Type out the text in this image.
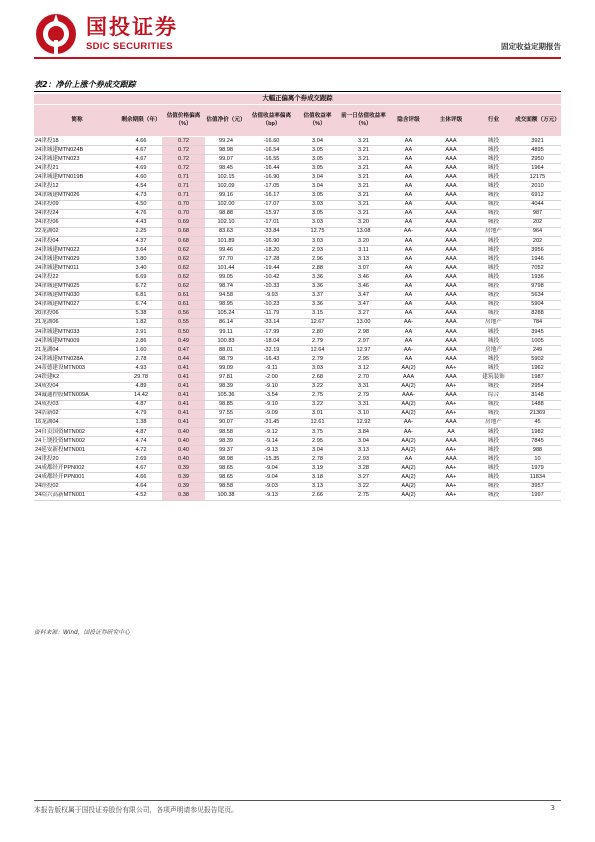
国投证券
SDIC SECURITIES	固定收益定期报告
表2：净价上涨个券成交跟踪
大幅正偏离个券成交跟踪										
简称	剩余期限（年）	估值价格偏离（%）	估值净价（元）	估值收益率偏离（bp）	估值收益率（%）	前一日估值收益率（%）	隐含评级	主体评级	行业	成交面额（万元）
24津投18	4.66	0.72	99.24	-16.60	3.04	3.21	AA	AAA	城投	3921
24津城建MTN024B	4.67	0.72	98.98	-16.54	3.05	3.21	AA	AAA	城投	4895
24津城建MTN023	4.67	0.72	99.07	-16.55	3.05	3.21	AA	AAA	城投	2950
24津投21	4.69	0.72	98.45	-16.44	3.05	3.21	AA	AAA	城投	1964
24津城建MTN019B	4.60	0.71	102.15	-16.90	3.04	3.21	AA	AAA	城投	12175
24津投12	4.54	0.71	102.09	-17.05	3.04	3.21	AA	AAA	城投	2010
24津城建MTN026	4.73	0.71	99.16	-16.17	3.05	3.21	AA	AAA	城投	6912
24津投09	4.50	0.70	102.00	-17.07	3.03	3.21	AA	AAA	城投	4044
24津投24	4.76	0.70	98.88	-15.97	3.05	3.21	AA	AAA	城投	987
24津投06	4.43	0.69	102.10	-17.01	3.03	3.20	AA	AAA	城投	202
22龙湖02	2.25	0.68	83.63	-33.84	12.75	13.08	AA-	AAA	房地产	964
24津投04	4.37	0.68	101.89	-16.90	3.03	3.20	AA	AAA	城投	202
24津城建MTN022	3.64	0.62	99.46	-18.20	2.93	3.11	AA	AAA	城投	3956
24津城建MTN029	3.80	0.62	97.70	-17.28	2.96	3.13	AA	AAA	城投	1946
24津城建MTN011	3.40	0.62	101.44	-19.44	2.88	3.07	AA	AAA	城投	7052
24津投22	6.69	0.62	99.05	-10.42	3.36	3.46	AA	AAA	城投	1936
24津城建MTN025	6.72	0.62	98.74	-10.33	3.36	3.46	AA	AAA	城投	9798
24津城建MTN030	6.81	0.61	94.58	-9.93	3.37	3.47	AA	AAA	城投	5634
24津城建MTN027	6.74	0.61	98.95	-10.23	3.36	3.47	AA	AAA	城投	5904
20津投06	5.38	0.56	105.24	-11.79	3.15	3.27	AA	AAA	城投	8288
21龙湖06	1.82	0.55	86.14	-33.14	12.67	13.00	AA-	AAA	房地产	784
24津城建MTN033	2.91	0.50	99.11	-17.99	2.80	2.98	AA	AAA	城投	3945
24津城建MTN009	2.86	0.49	100.83	-18.04	2.79	2.97	AA	AAA	城投	1005
21龙湖04	1.60	0.47	88.01	-32.19	12.64	12.97	AA-	AAA	房地产	249
24津城建MTN028A	2.78	0.44	98.79	-16.43	2.79	2.95	AA	AAA	城投	5902
24蒂德建设MTN003	4.93	0.41	99.09	-9.11	3.03	3.12	AA(2)	AA+	城投	1962
24铁建K2	29.78	0.41	97.81	-2.00	2.68	2.70	AAA	AAA	建筑装饰	1987
24成投04	4.89	0.41	98.39	-9.10	3.22	3.31	AA(2)	AA+	城投	2954
24诚通控股MTN009A	14.42	0.41	105.36	-3.54	2.75	2.79	AAA-	AAA	综合	3148
24成投03	4.87	0.41	98.85	-9.10	3.22	3.31	AA(2)	AA+	城投	1488
24浩新02	4.79	0.41	97.55	-9.09	3.01	3.10	AA(2)	AA+	城投	21369
16龙湖04	1.38	0.41	90.07	-31.45	12.61	12.92	AA-	AAA	房地产	45
24自贡国资MTN002	4.87	0.40	98.58	-9.12	3.75	3.84	AA-	AA	城投	1982
24上饶投资MTN002	4.74	0.40	98.39	-9.14	2.95	3.04	AA(2)	AAA	城投	7845
24延安新投MTN001	4.72	0.40	99.37	-9.13	3.04	3.13	AA(2)	AA+	城投	988
24津投20	2.69	0.40	98.98	-15.35	2.78	2.93	AA	AAA	城投	10
24成都经开PPN002	4.67	0.39	98.65	-9.04	3.19	3.28	AA(2)	AA+	城投	1979
24成都经开PPN001	4.66	0.39	98.65	-9.04	3.18	3.27	AA(2)	AA+	城投	11834
24经投02	4.64	0.39	98.58	-9.03	3.13	3.22	AA(2)	AA+	城投	3957
24绍兴高新MTN001	4.52	0.38	100.38	-9.13	2.66	2.75	AA(2)	AA+	城投	1997
资料来源：Wind，国投证券研究中心
本报告版权属于国投证券股份有限公司，各项声明请参见报告尾页。	3
